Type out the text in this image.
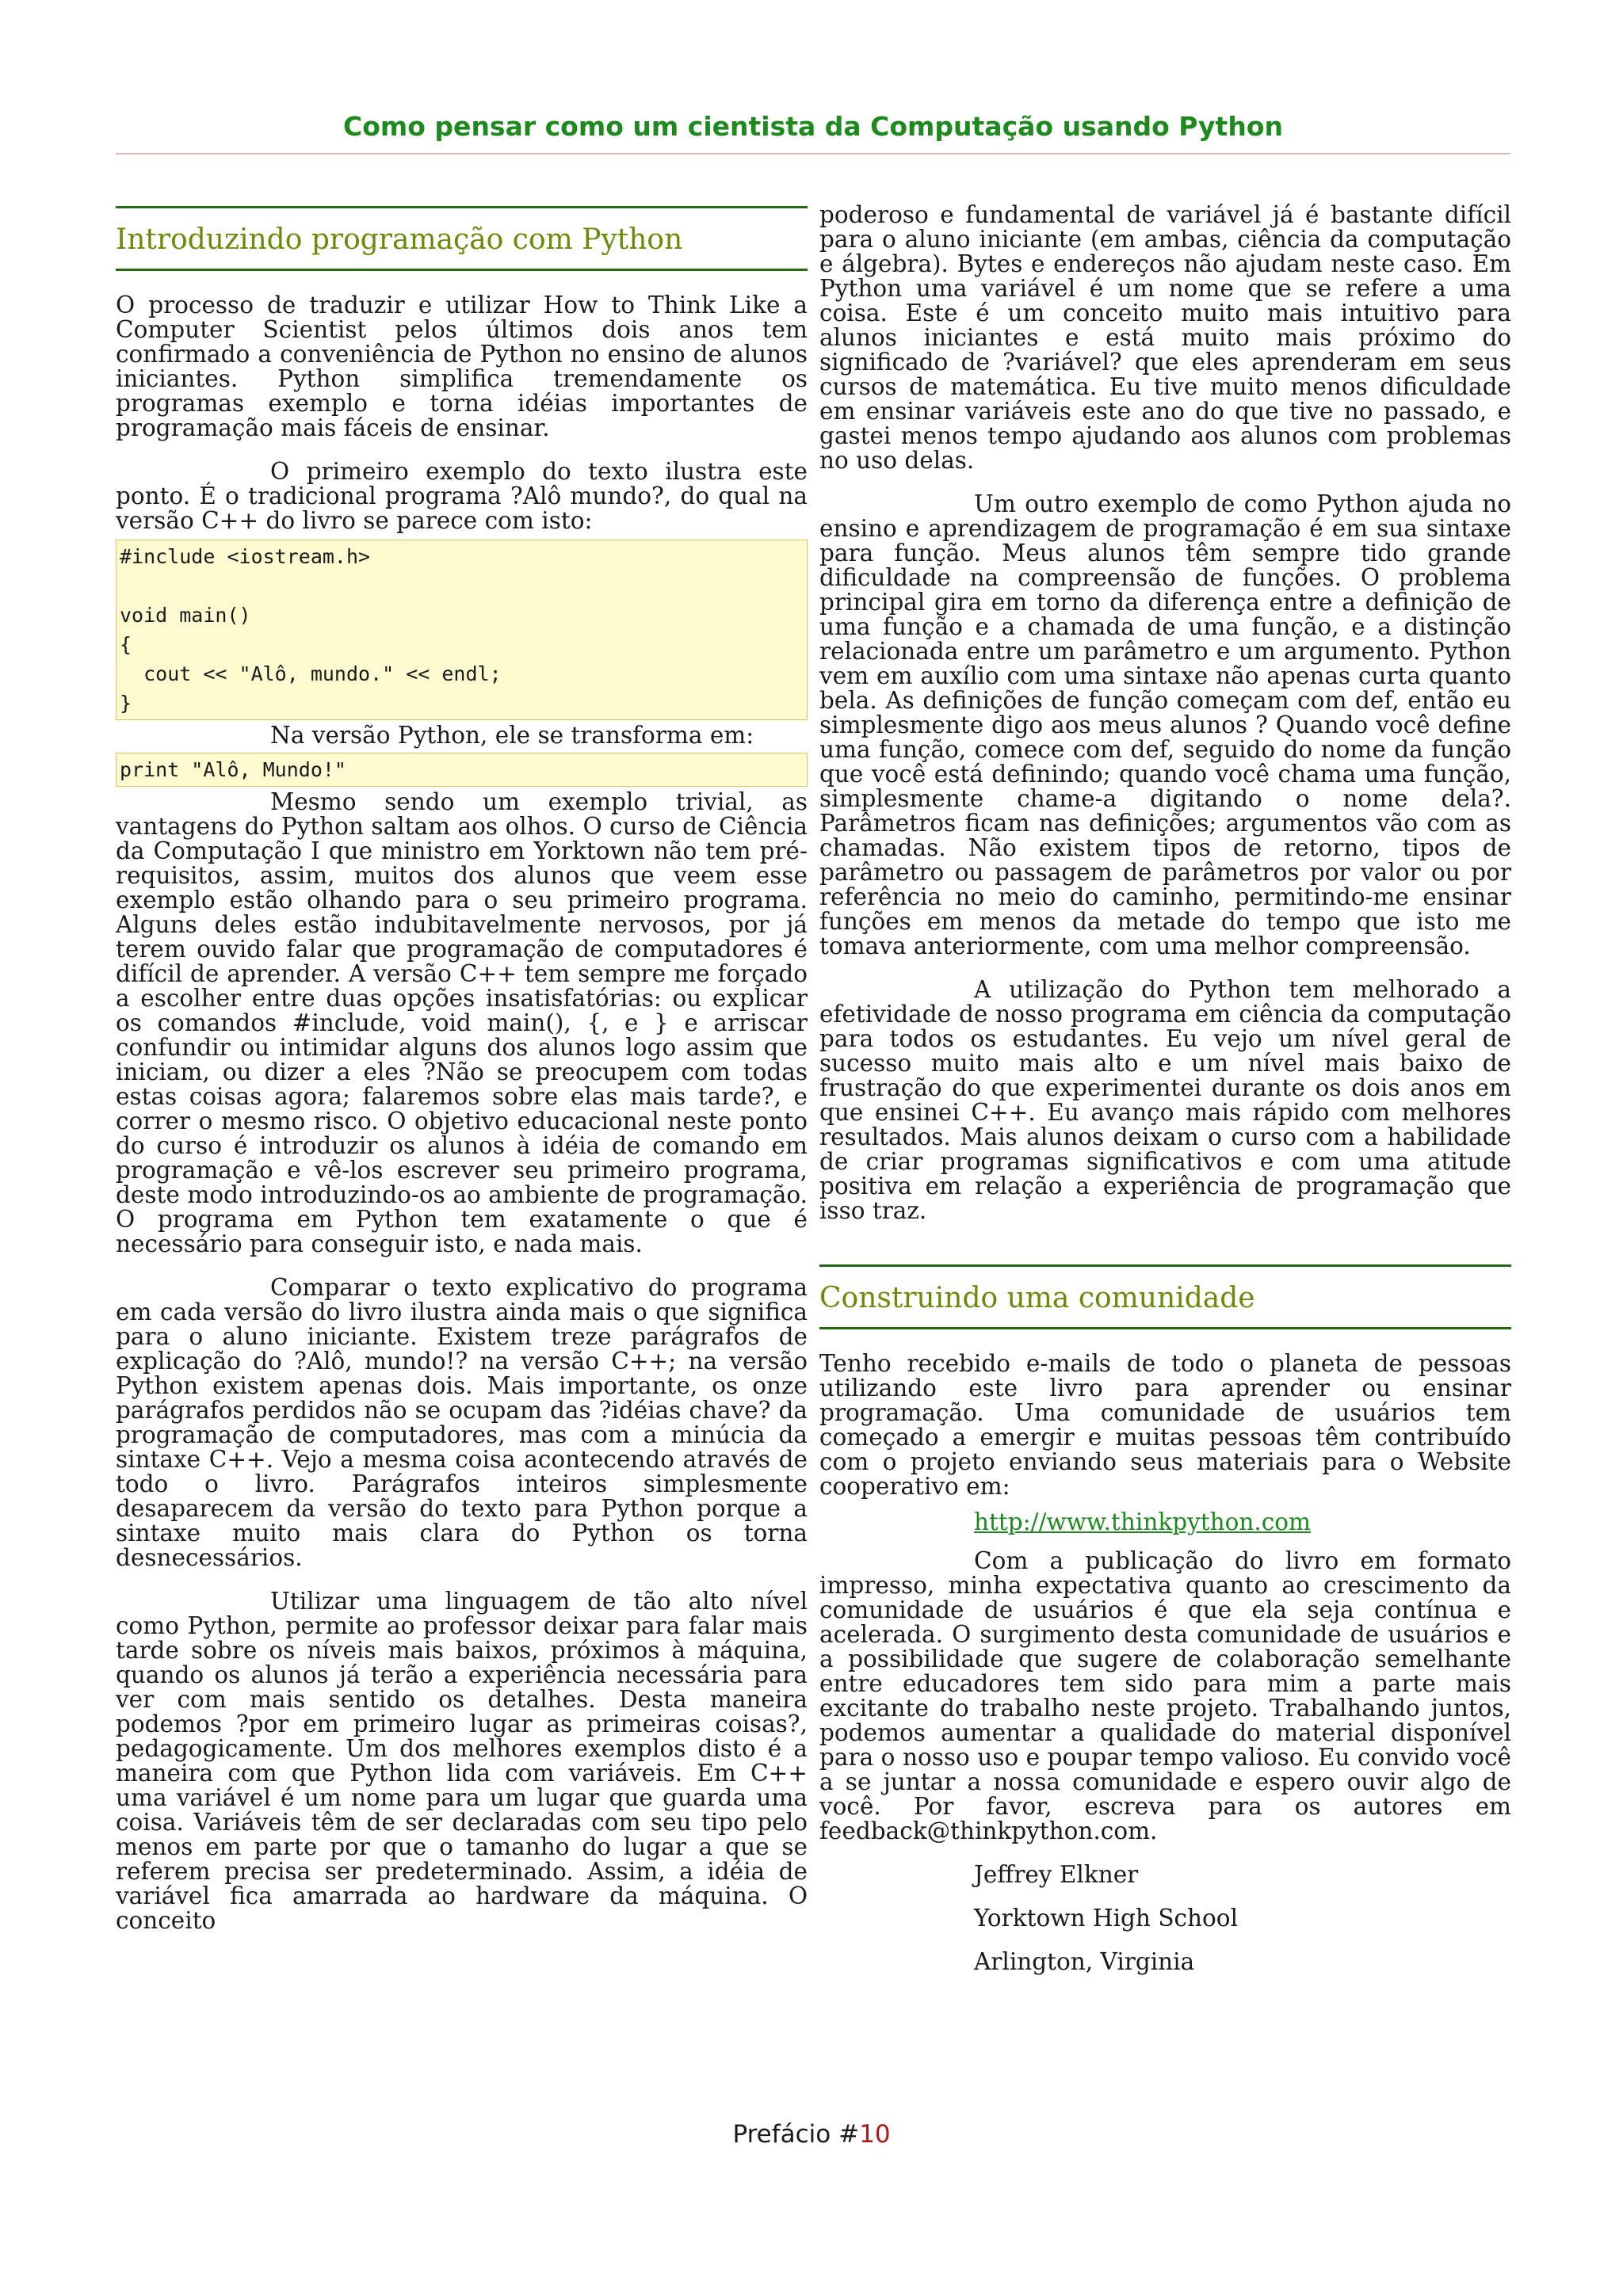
Como pensar como um cientista da Computação usando Python
Introduzindo programação com Python

O processo de traduzir e utilizar How to Think Like a Computer Scientist pelos últimos dois anos tem confirmado a conveniência de Python no ensino de alunos iniciantes. Python simplifica tremendamente os programas exemplo e torna idéias importantes de programação mais fáceis de ensinar.

O primeiro exemplo do texto ilustra este ponto. É o tradicional programa ?Alô mundo?, do qual na versão C++ do livro se parece com isto:

#include <iostream.h>

void main()
{
cout << "Alô, mundo." << endl;
}

Na versão Python, ele se transforma em:

print "Alô, Mundo!"

Mesmo sendo um exemplo trivial, as vantagens do Python saltam aos olhos. O curso de Ciência da Computação I que ministro em Yorktown não tem pré-requisitos, assim, muitos dos alunos que veem esse exemplo estão olhando para o seu primeiro programa. Alguns deles estão indubitavelmente nervosos, por já terem ouvido falar que programação de computadores é difícil de aprender. A versão C++ tem sempre me forçado a escolher entre duas opções insatisfatórias: ou explicar os comandos #include, void main(), {, e } e arriscar confundir ou intimidar alguns dos alunos logo assim que iniciam, ou dizer a eles ?Não se preocupem com todas estas coisas agora; falaremos sobre elas mais tarde?, e correr o mesmo risco. O objetivo educacional neste ponto do curso é introduzir os alunos à idéia de comando em programação e vê-los escrever seu primeiro programa, deste modo introduzindo-os ao ambiente de programação. O programa em Python tem exatamente o que é necessário para conseguir isto, e nada mais.

Comparar o texto explicativo do programa em cada versão do livro ilustra ainda mais o que significa para o aluno iniciante. Existem treze parágrafos de explicação do ?Alô, mundo!? na versão C++; na versão Python existem apenas dois. Mais importante, os onze parágrafos perdidos não se ocupam das ?idéias chave? da programação de computadores, mas com a minúcia da sintaxe C++. Vejo a mesma coisa acontecendo através de todo o livro. Parágrafos inteiros simplesmente desaparecem da versão do texto para Python porque a sintaxe muito mais clara do Python os torna desnecessários.

Utilizar uma linguagem de tão alto nível como Python, permite ao professor deixar para falar mais tarde sobre os níveis mais baixos, próximos à máquina, quando os alunos já terão a experiência necessária para ver com mais sentido os detalhes. Desta maneira podemos ?por em primeiro lugar as primeiras coisas?, pedagogicamente. Um dos melhores exemplos disto é a maneira com que Python lida com variáveis. Em C++ uma variável é um nome para um lugar que guarda uma coisa. Variáveis têm de ser declaradas com seu tipo pelo menos em parte por que o tamanho do lugar a que se referem precisa ser predeterminado. Assim, a idéia de variável fica amarrada ao hardware da máquina. O conceito

poderoso e fundamental de variável já é bastante difícil para o aluno iniciante (em ambas, ciência da computação e álgebra). Bytes e endereços não ajudam neste caso. Em Python uma variável é um nome que se refere a uma coisa. Este é um conceito muito mais intuitivo para alunos iniciantes e está muito mais próximo do significado de ?variável? que eles aprenderam em seus cursos de matemática. Eu tive muito menos dificuldade em ensinar variáveis este ano do que tive no passado, e gastei menos tempo ajudando aos alunos com problemas no uso delas.

Um outro exemplo de como Python ajuda no ensino e aprendizagem de programação é em sua sintaxe para função. Meus alunos têm sempre tido grande dificuldade na compreensão de funções. O problema principal gira em torno da diferença entre a definição de uma função e a chamada de uma função, e a distinção relacionada entre um parâmetro e um argumento. Python vem em auxílio com uma sintaxe não apenas curta quanto bela. As definições de função começam com def, então eu simplesmente digo aos meus alunos ? Quando você define uma função, comece com def, seguido do nome da função que você está definindo; quando você chama uma função, simplesmente chame-a digitando o nome dela?. Parâmetros ficam nas definições; argumentos vão com as chamadas. Não existem tipos de retorno, tipos de parâmetro ou passagem de parâmetros por valor ou por referência no meio do caminho, permitindo-me ensinar funções em menos da metade do tempo que isto me tomava anteriormente, com uma melhor compreensão.

A utilização do Python tem melhorado a efetividade de nosso programa em ciência da computação para todos os estudantes. Eu vejo um nível geral de sucesso muito mais alto e um nível mais baixo de frustração do que experimentei durante os dois anos em que ensinei C++. Eu avanço mais rápido com melhores resultados. Mais alunos deixam o curso com a habilidade de criar programas significativos e com uma atitude positiva em relação a experiência de programação que isso traz.

Construindo uma comunidade

Tenho recebido e-mails de todo o planeta de pessoas utilizando este livro para aprender ou ensinar programação. Uma comunidade de usuários tem começado a emergir e muitas pessoas têm contribuído com o projeto enviando seus materiais para o Website cooperativo em:

http://www.thinkpython.com

Com a publicação do livro em formato impresso, minha expectativa quanto ao crescimento da comunidade de usuários é que ela seja contínua e acelerada. O surgimento desta comunidade de usuários e a possibilidade que sugere de colaboração semelhante entre educadores tem sido para mim a parte mais excitante do trabalho neste projeto. Trabalhando juntos, podemos aumentar a qualidade do material disponível para o nosso uso e poupar tempo valioso. Eu convido você a se juntar a nossa comunidade e espero ouvir algo de você. Por favor, escreva para os autores em feedback@thinkpython.com.

Jeffrey Elkner

Yorktown High School

Arlington, Virginia

Prefácio #10
